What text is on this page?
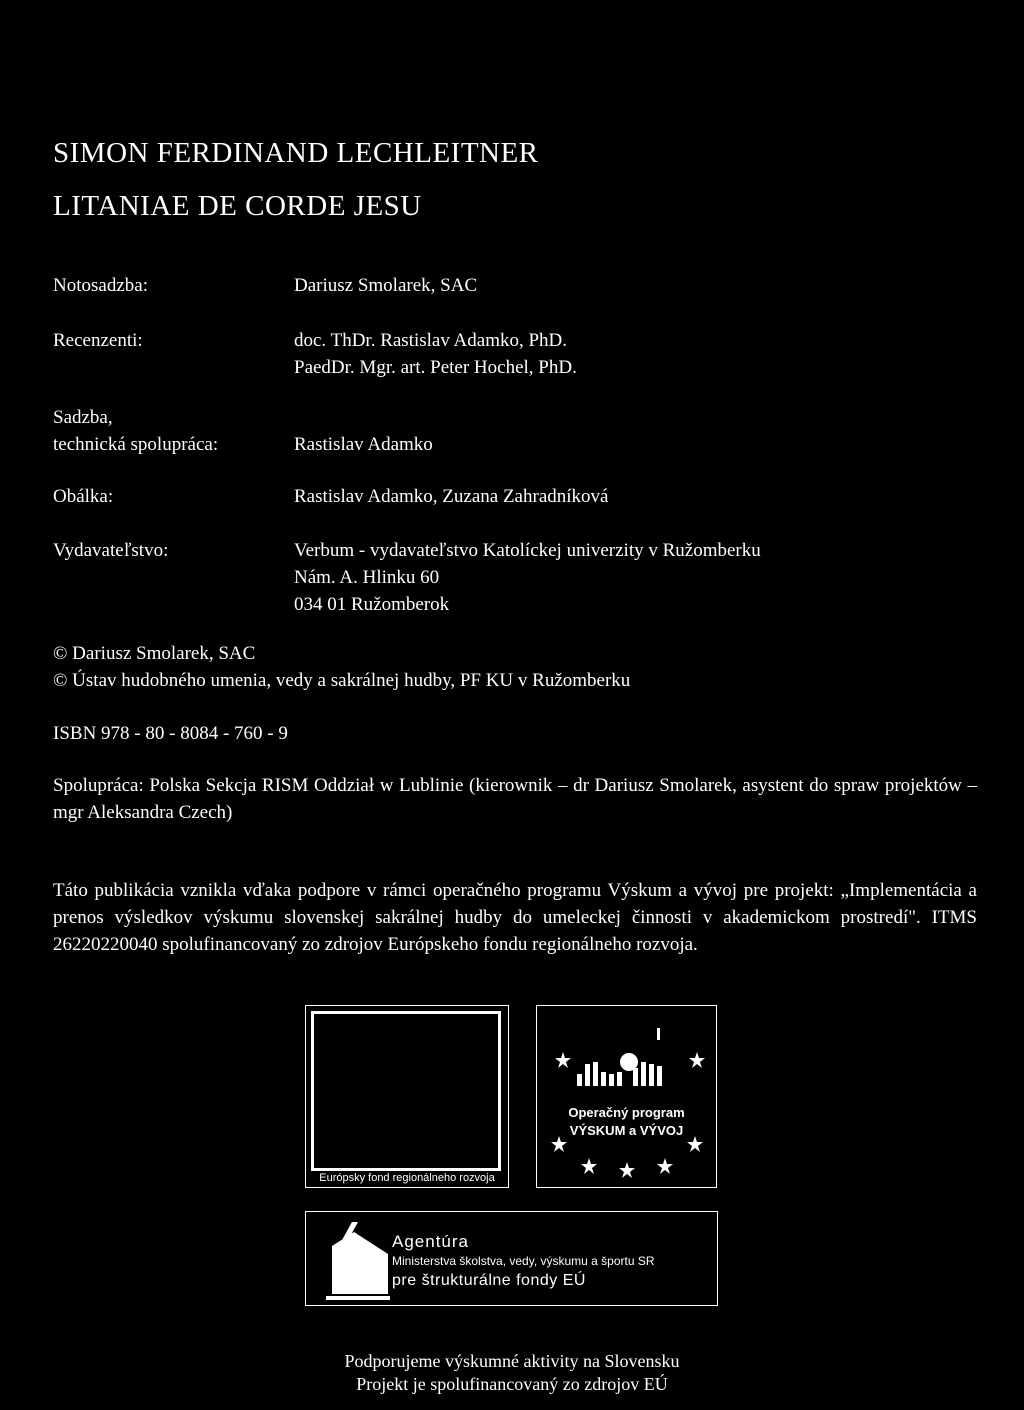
SIMON FERDINAND LECHLEITNER
LITANIAE DE CORDE JESU
Notosadzba:	Dariusz Smolarek, SAC
Recenzenti:	doc. ThDr. Rastislav Adamko, PhD.
PaedDr. Mgr. art. Peter Hochel, PhD.
Sadzba,
technická spolupráca:	Rastislav Adamko
Obálka:	Rastislav Adamko, Zuzana Zahradníková
Vydavateľstvo:	Verbum - vydavateľstvo Katolíckej univerzity v Ružomberku
Nám. A. Hlinku 60
034 01 Ružomberok
© Dariusz Smolarek, SAC
© Ústav hudobného umenia, vedy a sakrálnej hudby, PF KU v Ružomberku
ISBN 978 - 80 - 8084 - 760 - 9
Spolupráca: Polska Sekcja RISM Oddział w Lublinie (kierownik – dr Dariusz Smolarek, asystent do spraw projektów – mgr Aleksandra Czech)
Táto publikácia vznikla vďaka podpore v rámci operačného programu Výskum a vývoj pre projekt: „Implementácia a prenos výsledkov výskumu slovenskej sakrálnej hudby do umeleckej činnosti v akademickom prostredí". ITMS 26220220040 spolufinancovaný zo zdrojov Európskeho fondu regionálneho rozvoja.
Európsky fond regionálneho rozvoja
Operačný program
VÝSKUM a VÝVOJ
Agentúra
Ministerstva školstva, vedy, výskumu a športu SR
pre štrukturálne fondy EÚ
Podporujeme výskumné aktivity na Slovensku
Projekt je spolufinancovaný zo zdrojov EÚ
